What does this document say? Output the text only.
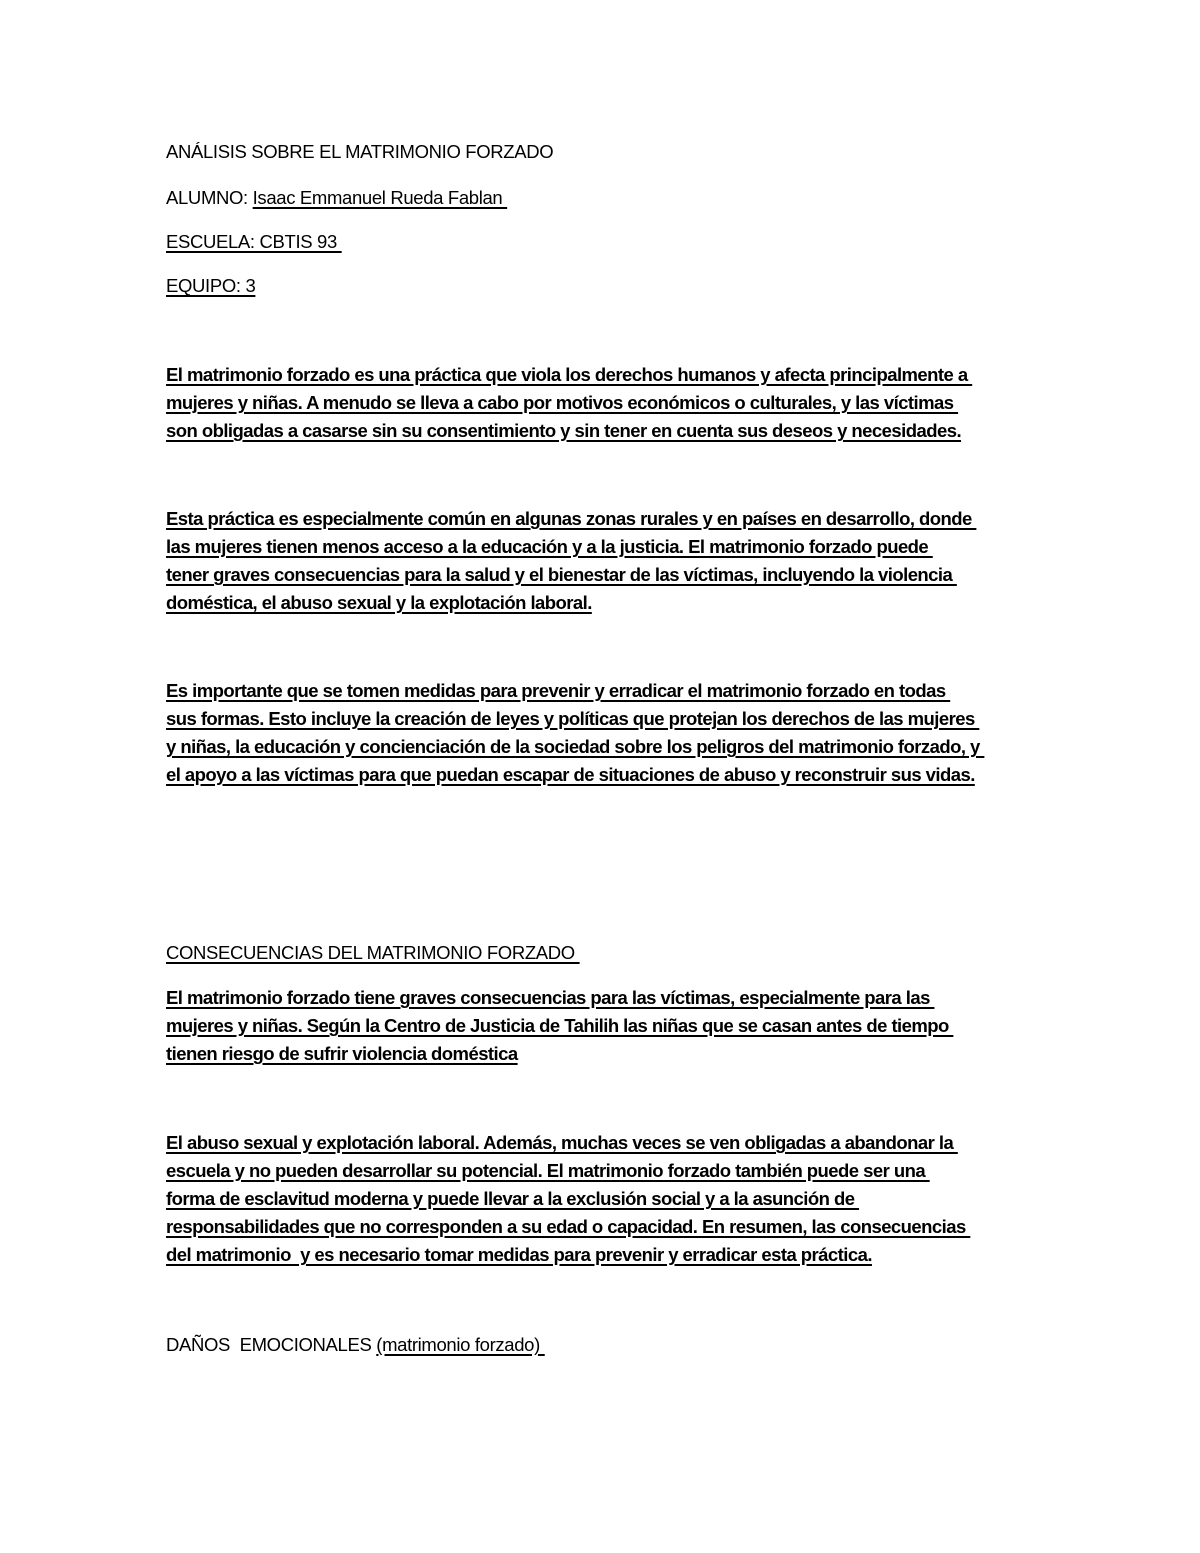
ANÁLISIS SOBRE EL MATRIMONIO FORZADO
ALUMNO: Isaac Emmanuel Rueda Fablan
ESCUELA: CBTIS 93
EQUIPO: 3
El matrimonio forzado es una práctica que viola los derechos humanos y afecta principalmente a
mujeres y niñas. A menudo se lleva a cabo por motivos económicos o culturales, y las víctimas
son obligadas a casarse sin su consentimiento y sin tener en cuenta sus deseos y necesidades.
Esta práctica es especialmente común en algunas zonas rurales y en países en desarrollo, donde
las mujeres tienen menos acceso a la educación y a la justicia. El matrimonio forzado puede
tener graves consecuencias para la salud y el bienestar de las víctimas, incluyendo la violencia
doméstica, el abuso sexual y la explotación laboral.
Es importante que se tomen medidas para prevenir y erradicar el matrimonio forzado en todas
sus formas. Esto incluye la creación de leyes y políticas que protejan los derechos de las mujeres
y niñas, la educación y concienciación de la sociedad sobre los peligros del matrimonio forzado, y
el apoyo a las víctimas para que puedan escapar de situaciones de abuso y reconstruir sus vidas.
CONSECUENCIAS DEL MATRIMONIO FORZADO
El matrimonio forzado tiene graves consecuencias para las víctimas, especialmente para las
mujeres y niñas. Según la Centro de Justicia de Tahilih las niñas que se casan antes de tiempo
tienen riesgo de sufrir violencia doméstica
El abuso sexual y explotación laboral. Además, muchas veces se ven obligadas a abandonar la
escuela y no pueden desarrollar su potencial. El matrimonio forzado también puede ser una
forma de esclavitud moderna y puede llevar a la exclusión social y a la asunción de
responsabilidades que no corresponden a su edad o capacidad. En resumen, las consecuencias
del matrimonio  y es necesario tomar medidas para prevenir y erradicar esta práctica.
DAÑOS  EMOCIONALES (matrimonio forzado)
